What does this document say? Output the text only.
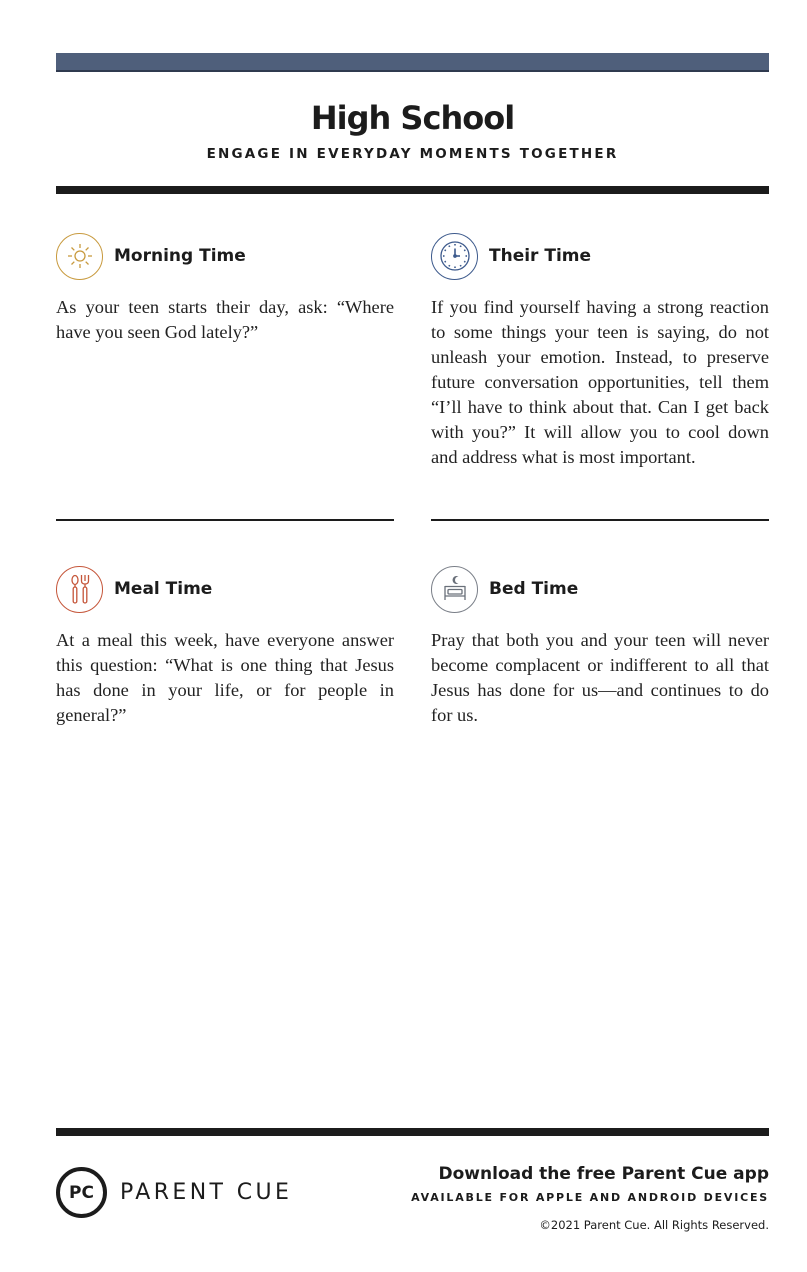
High School
ENGAGE IN EVERYDAY MOMENTS TOGETHER
Morning Time

As your teen starts their day, ask: “Where have you seen God lately?”

Their Time

If you find yourself having a strong reaction to some things your teen is saying, do not unleash your emotion. Instead, to preserve future conversation opportunities, tell them “I’ll have to think about that. Can I get back with you?” It will allow you to cool down and address what is most important.

Meal Time

At a meal this week, have everyone answer this question: “What is one thing that Jesus has done in your life, or for people in general?”

Bed Time

Pray that both you and your teen will never become complacent or indifferent to all that Jesus has done for us—and continues to do for us.

PC	PARENT CUE
Download the free Parent Cue app
AVAILABLE FOR APPLE AND ANDROID DEVICES
©2021 Parent Cue. All Rights Reserved.
